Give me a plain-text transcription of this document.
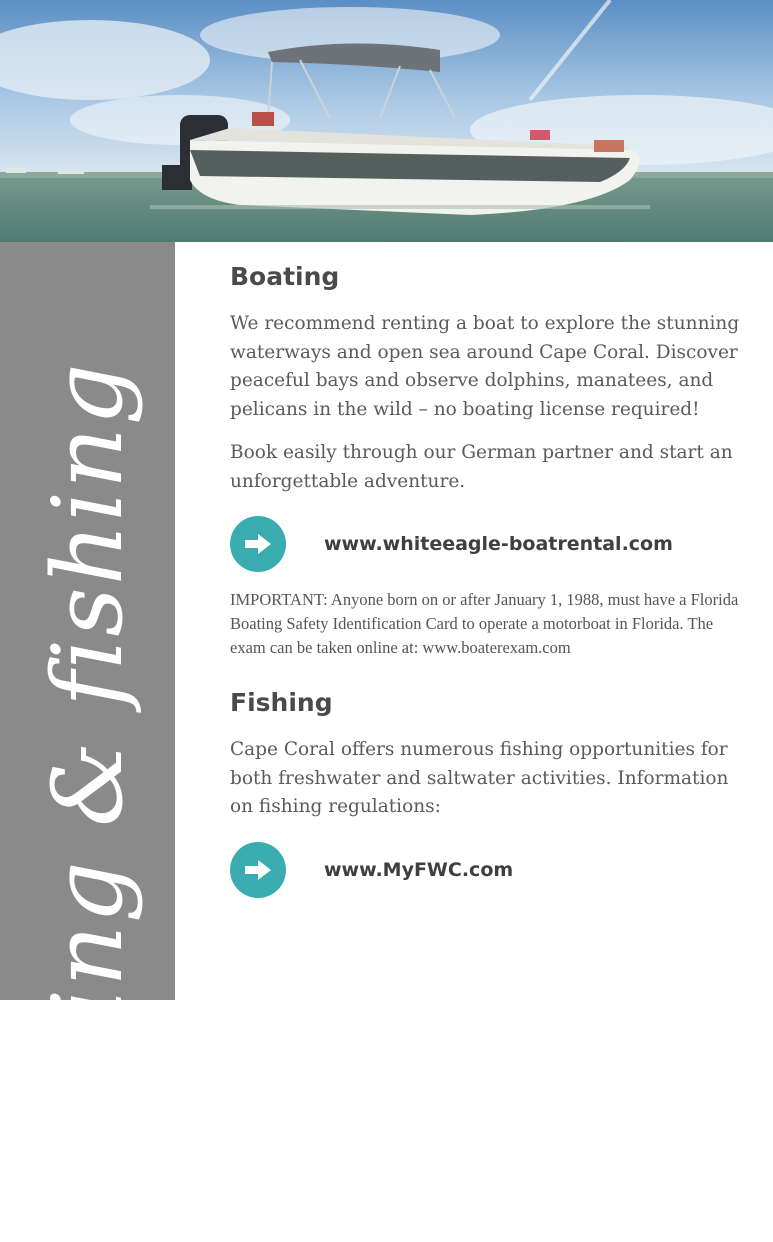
boating & fishing
Boating

We recommend renting a boat to explore the stunning waterways and open sea around Cape Coral. Discover peaceful bays and observe dolphins, manatees, and pelicans in the wild – no boating license required!

Book easily through our German partner and start an unforgettable adventure.

www.whiteeagle-boatrental.com

IMPORTANT: Anyone born on or after January 1, 1988, must have a Florida Boating Safety Identification Card to operate a motorboat in Florida. The exam can be taken online at: www.boaterexam.com

Fishing

Cape Coral offers numerous fishing opportunities for both freshwater and saltwater activities. Information on fishing regulations:

www.MyFWC.com
